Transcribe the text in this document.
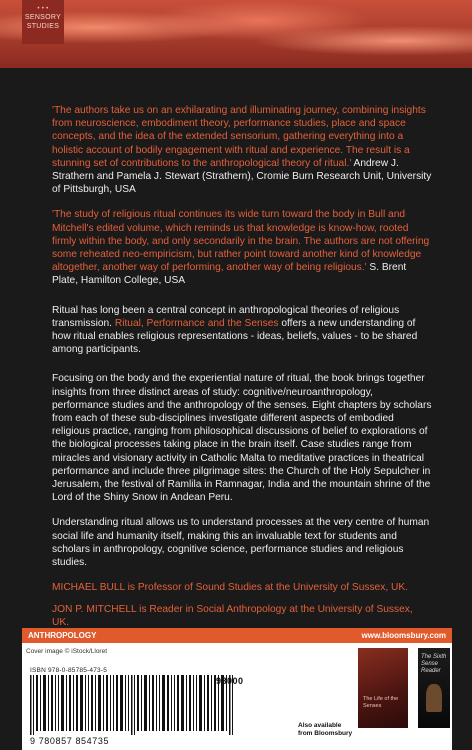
• • •
SENSORY
STUDIES

'The authors take us on an exhilarating and illuminating journey, combining insights from neuroscience, embodiment theory, performance studies, place and space concepts, and the idea of the extended sensorium, gathering everything into a holistic account of bodily engagement with ritual and experience. The result is a stunning set of contributions to the anthropological theory of ritual.' Andrew J. Strathern and Pamela J. Stewart (Strathern), Cromie Burn Research Unit, University of Pittsburgh, USA

'The study of religious ritual continues its wide turn toward the body in Bull and Mitchell's edited volume, which reminds us that knowledge is know-how, rooted firmly within the body, and only secondarily in the brain. The authors are not offering some reheated neo-empiricism, but rather point toward another kind of knowledge altogether, another way of performing, another way of being religious.' S. Brent Plate, Hamilton College, USA

Ritual has long been a central concept in anthropological theories of religious transmission. Ritual, Performance and the Senses offers a new understanding of how ritual enables religious representations - ideas, beliefs, values - to be shared among participants.

Focusing on the body and the experiential nature of ritual, the book brings together insights from three distinct areas of study: cognitive/neuroanthropology, performance studies and the anthropology of the senses. Eight chapters by scholars from each of these sub-disciplines investigate different aspects of embodied religious practice, ranging from philosophical discussions of belief to explorations of the biological processes taking place in the brain itself. Case studies range from miracles and visionary activity in Catholic Malta to meditative practices in theatrical performance and include three pilgrimage sites: the Church of the Holy Sepulcher in Jerusalem, the festival of Ramlila in Ramnagar, India and the mountain shrine of the Lord of the Shiny Snow in Andean Peru.

Understanding ritual allows us to understand processes at the very centre of human social life and humanity itself, making this an invaluable text for students and scholars in anthropology, cognitive science, performance studies and religious studies.

MICHAEL BULL is Professor of Sound Studies at the University of Sussex, UK.

JON P. MITCHELL is Reader in Social Anthropology at the University of Sussex, UK.

ANTHROPOLOGY	www.bloomsbury.com
Cover image © iStock/Lloret
ISBN 978-0-85785-473-5
98000
9 780857 854735
Also available from Bloomsbury
The Life of the Senses
The Sixth Sense Reader
